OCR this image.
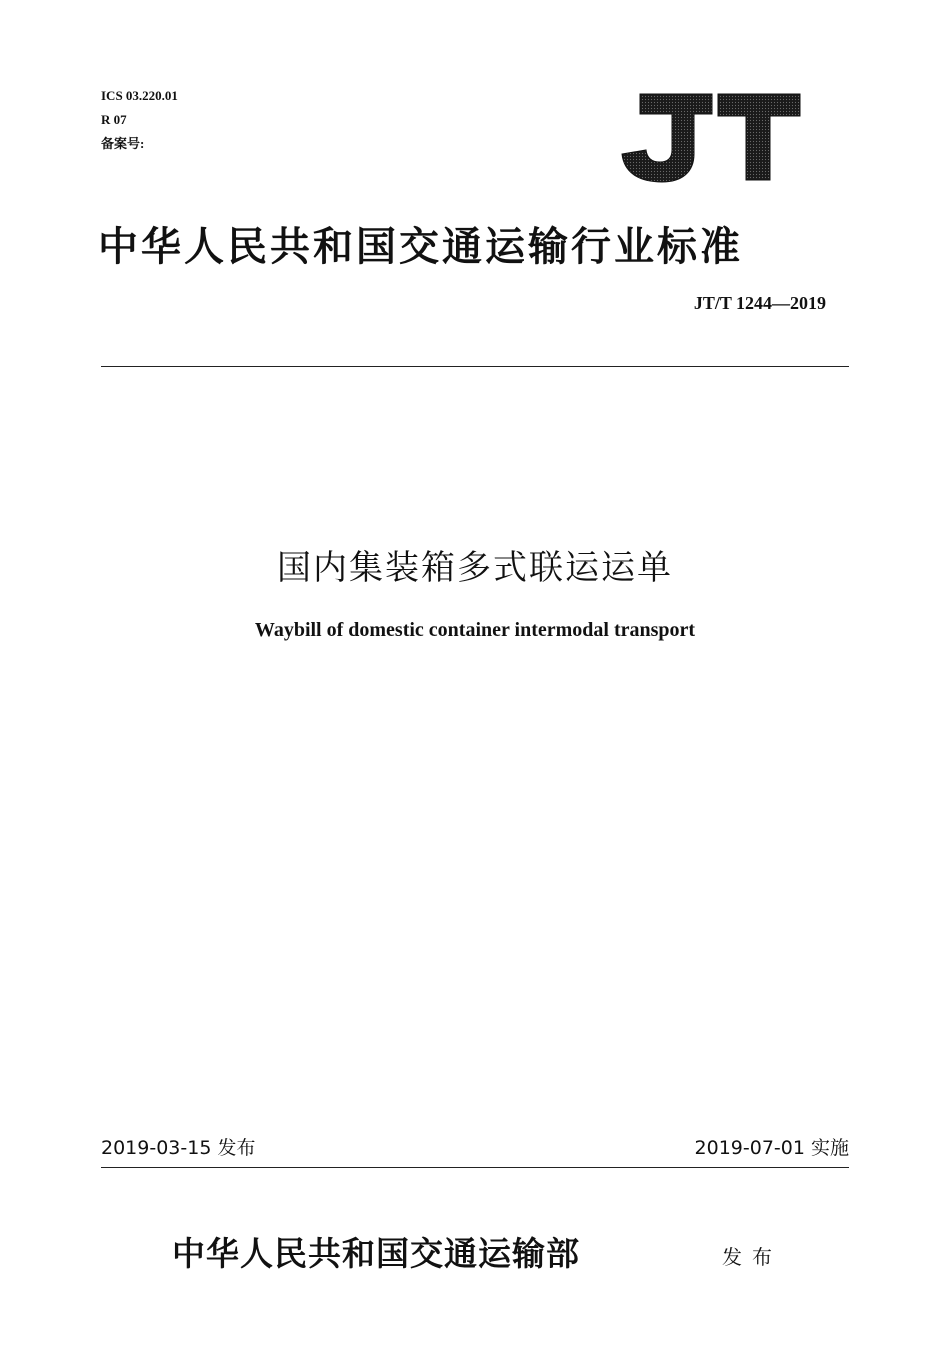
ICS 03.220.01
R 07
备案号:
中华人民共和国交通运输行业标准
JT/T 1244—2019
国内集装箱多式联运运单
Waybill of domestic container intermodal transport
2019-03-15 发布	2019-07-01 实施
中华人民共和国交通运输部	发布
